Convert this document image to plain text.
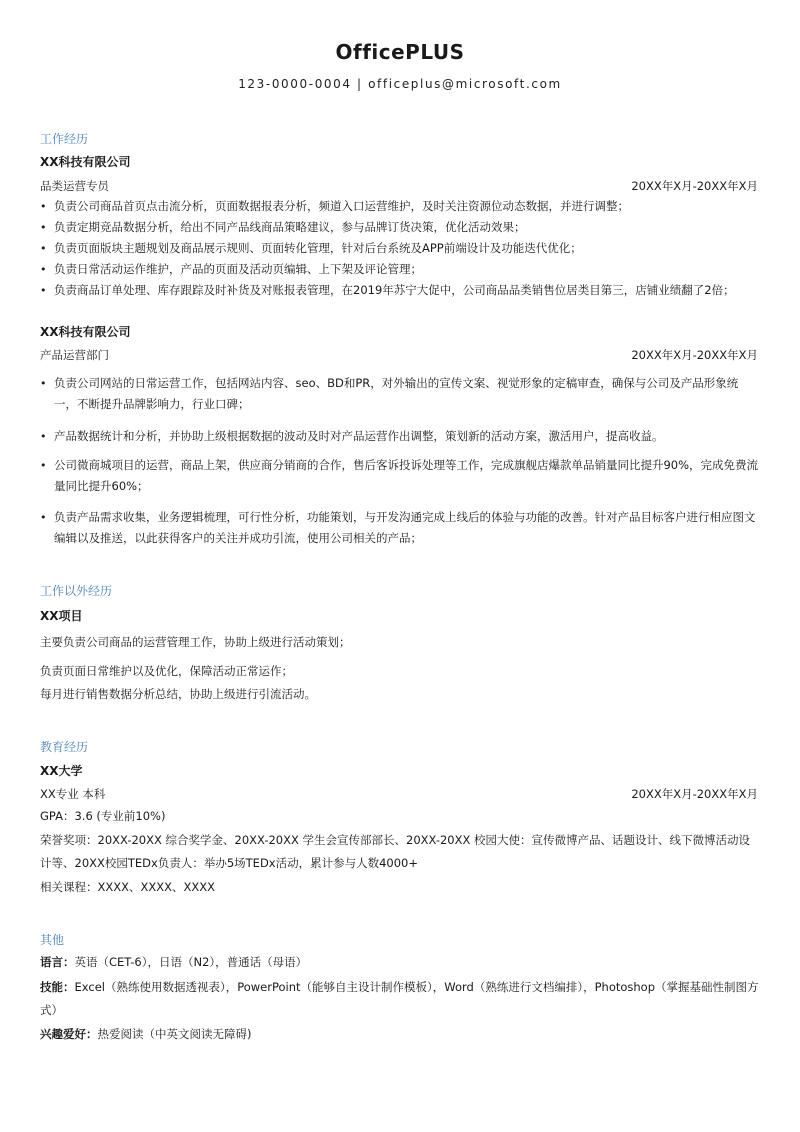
OfficePLUS
123-0000-0004 | officeplus@microsoft.com
工作经历
XX科技有限公司
品类运营专员	20XX年X月-20XX年X月
• 负责公司商品首页点击流分析，页面数据报表分析，频道入口运营维护，及时关注资源位动态数据，并进行调整；
• 负责定期竞品数据分析，给出不同产品线商品策略建议，参与品牌订货决策，优化活动效果；
• 负责页面版块主题规划及商品展示规则、页面转化管理，针对后台系统及APP前端设计及功能迭代优化；
• 负责日常活动运作维护，产品的页面及活动页编辑、上下架及评论管理；
• 负责商品订单处理、库存跟踪及时补货及对账报表管理，在2019年苏宁大促中，公司商品品类销售位居类目第三，店铺业绩翻了2倍；
XX科技有限公司
产品运营部门	20XX年X月-20XX年X月
• 负责公司网站的日常运营工作，包括网站内容、seo、BD和PR，对外输出的宣传文案、视觉形象的定稿审查，确保与公司及产品形象统一，不断提升品牌影响力，行业口碑；
• 产品数据统计和分析，并协助上级根据数据的波动及时对产品运营作出调整，策划新的活动方案，激活用户，提高收益。
• 公司微商城项目的运营，商品上架，供应商分销商的合作，售后客诉投诉处理等工作，完成旗舰店爆款单品销量同比提升90%，完成免费流量同比提升60%；
• 负责产品需求收集，业务逻辑梳理，可行性分析，功能策划，与开发沟通完成上线后的体验与功能的改善。针对产品目标客户进行相应图文编辑以及推送，以此获得客户的关注并成功引流，使用公司相关的产品；
工作以外经历
XX项目
主要负责公司商品的运营管理工作，协助上级进行活动策划；
负责页面日常维护以及优化，保障活动正常运作；
每月进行销售数据分析总结，协助上级进行引流活动。
教育经历
XX大学
XX专业 本科	20XX年X月-20XX年X月
GPA：3.6 (专业前10%)
荣誉奖项：20XX-20XX 综合奖学金、20XX-20XX 学生会宣传部部长、20XX-20XX 校园大使：宣传微博产品、话题设计、线下微博活动设计等、20XX校园TEDx负责人：举办5场TEDx活动，累计参与人数4000+
相关课程：XXXX、XXXX、XXXX
其他
语言：英语（CET-6），日语（N2），普通话（母语）
技能：Excel（熟练使用数据透视表），PowerPoint（能够自主设计制作模板），Word（熟练进行文档编排），Photoshop（掌握基础性制图方式）
兴趣爱好：热爱阅读（中英文阅读无障碍)
